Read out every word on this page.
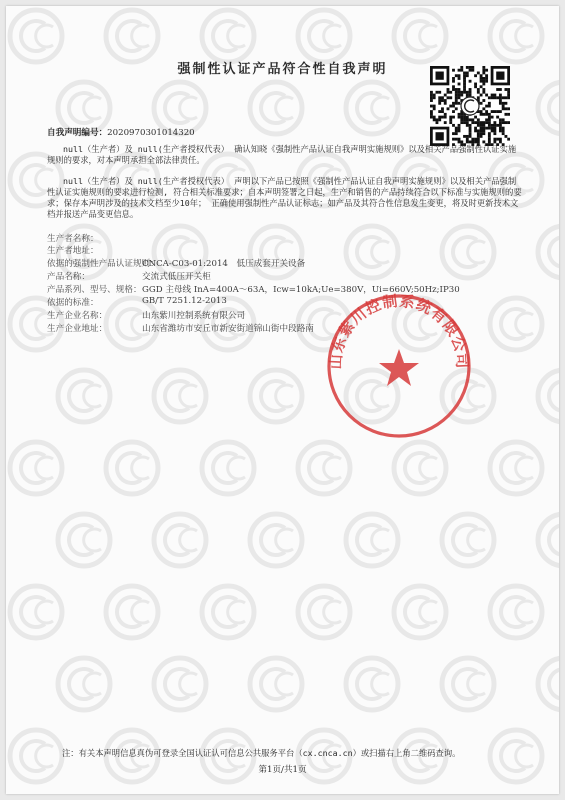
强制性认证产品符合性自我声明
自我声明编号：2020970301014320
null（生产者）及 null(生产者授权代表） 确认知晓《强制性产品认证自我声明实施规则》以及相关产品强制性认证实施规则的要求，对本声明承担全部法律责任。
null（生产者）及 null(生产者授权代表） 声明以下产品已按照《强制性产品认证自我声明实施规则》以及相关产品强制性认证实施规则的要求进行检测, 符合相关标准要求；自本声明签署之日起，生产和销售的产品持续符合以下标准与实施规则的要求；保存本声明涉及的技术文档至少10年； 正确使用强制性产品认证标志；如产品及其符合性信息发生变更，将及时更新技术文档并报送产品变更信息。
生产者名称：
生产者地址：
依据的强制性产品认证规则：
CNCA-C03-01:2014　低压成套开关设备
产品名称：	交流式低压开关柜
产品系列、型号、规格： GGD 主母线 InA=400A～63A，Icw=10kA;Ue=380V，Ui=660V;50Hz;IP30
依据的标准：	GB/T 7251.12-2013
生产企业名称：	山东紫川控制系统有限公司
生产企业地址：	山东省潍坊市安丘市新安街道锦山街中段路南
山东紫川控制系统有限公司
注：有关本声明信息真伪可登录全国认证认可信息公共服务平台（cx.cnca.cn）或扫描右上角二维码查询。
第1页/共1页
